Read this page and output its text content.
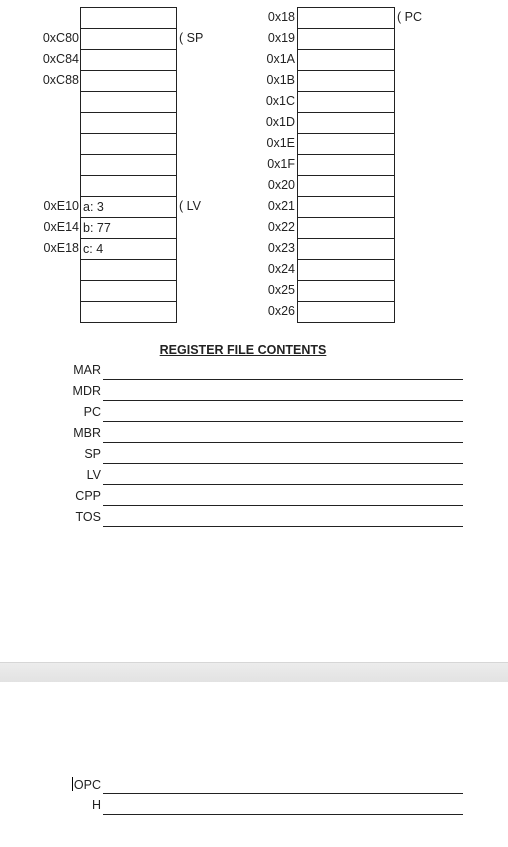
0xC80	( SP
0xC84
0xC88
0xE10 a: 3	( LV
0xE14 b: 77
0xE18 c: 4
0x18	( PC
0x19
0x1A
0x1B
0x1C
0x1D
0x1E
0x1F
0x20
0x21
0x22
0x23
0x24
0x25
0x26
REGISTER FILE CONTENTS
MAR
MDR
PC
MBR
SP
LV
CPP
TOS
OPC
H
